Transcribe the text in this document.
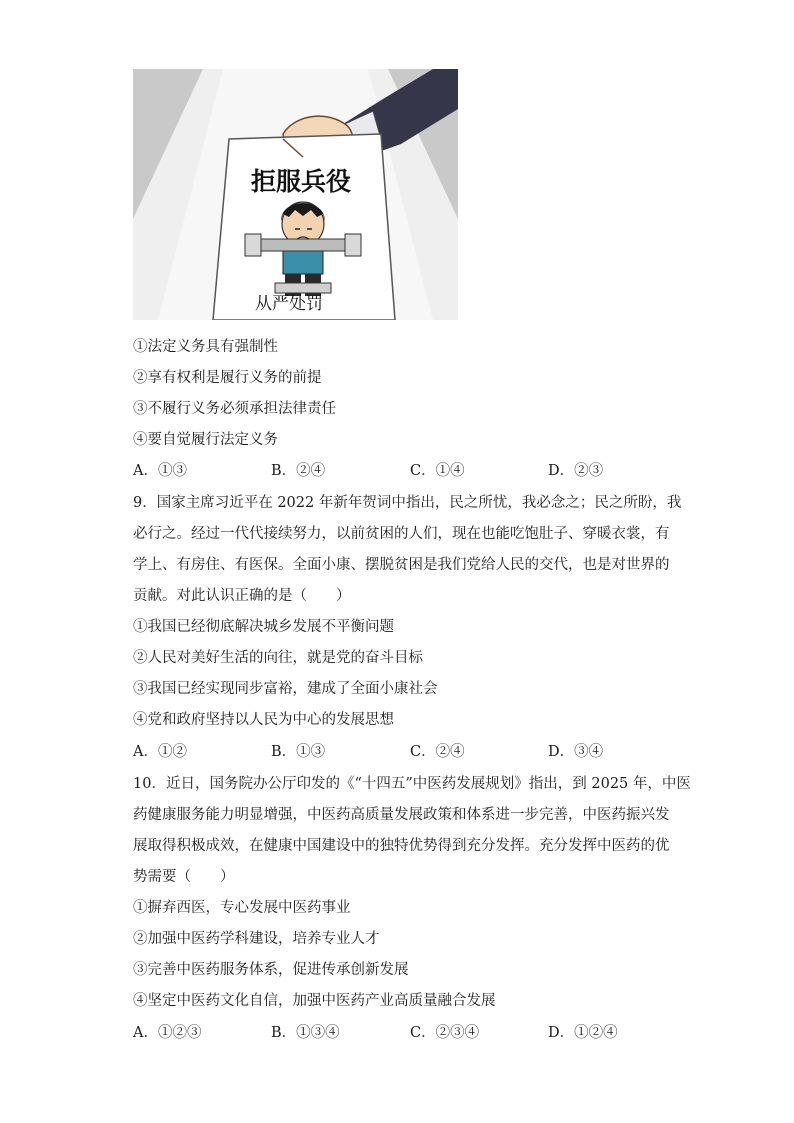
拒服兵役
从严处罚
①法定义务具有强制性
②享有权利是履行义务的前提
③不履行义务必须承担法律责任
④要自觉履行法定义务
A．①③	B．②④	C．①④	D．②③
9．国家主席习近平在 2022 年新年贺词中指出，民之所忧，我必念之；民之所盼，我
必行之。经过一代代接续努力，以前贫困的人们，现在也能吃饱肚子、穿暖衣裳，有
学上、有房住、有医保。全面小康、摆脱贫困是我们党给人民的交代，也是对世界的
贡献。对此认识正确的是（　　）
①我国已经彻底解决城乡发展不平衡问题
②人民对美好生活的向往，就是党的奋斗目标
③我国已经实现同步富裕，建成了全面小康社会
④党和政府坚持以人民为中心的发展思想
A．①②	B．①③	C．②④	D．③④
10．近日，国务院办公厅印发的《“十四五”中医药发展规划》指出，到 2025 年，中医
药健康服务能力明显增强，中医药高质量发展政策和体系进一步完善，中医药振兴发
展取得积极成效，在健康中国建设中的独特优势得到充分发挥。充分发挥中医药的优
势需要（　　）
①摒弃西医，专心发展中医药事业
②加强中医药学科建设，培养专业人才
③完善中医药服务体系，促进传承创新发展
④坚定中医药文化自信，加强中医药产业高质量融合发展
A．①②③	B．①③④	C．②③④	D．①②④
